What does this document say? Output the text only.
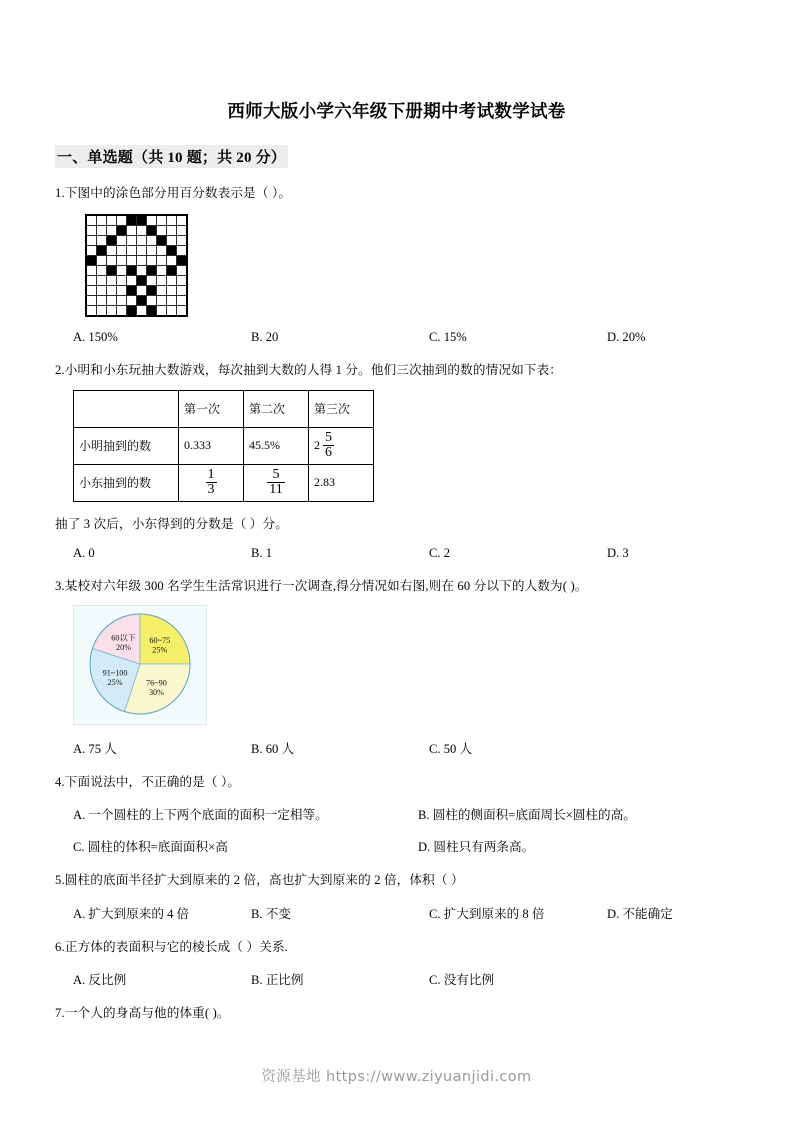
西师大版小学六年级下册期中考试数学试卷
一、单选题（共 10 题；共 20 分）
1.下图中的涂色部分用百分数表示是（ ）。

A. 150%	B. 20	C. 15%	D. 20%
2.小明和小东玩抽大数游戏，每次抽到大数的人得 1 分。他们三次抽到的数的情况如下表：
	第一次	第二次	第三次
小明抽到的数	0.333	45.5%	$2 \frac{5}{6}$

小东抽到的数	$\frac{1}{3}$	$\frac{5}{11}$	2.83
抽了 3 次后，小东得到的分数是（ ）分。
A. 0	B. 1	C. 2	D. 3
3.某校对六年级 300 名学生生活常识进行一次调查,得分情况如右图,则在 60 分以下的人数为( )。
60~75 25%
76~90 30%
91~100 25%
60以下 20%
A. 75 人	B. 60 人	C. 50 人
4.下面说法中，不正确的是（ ）。
A. 一个圆柱的上下两个底面的面积一定相等。	B. 圆柱的侧面积=底面周长×圆柱的高。
C. 圆柱的体积=底面面积×高	D. 圆柱只有两条高。
5.圆柱的底面半径扩大到原来的 2 倍，高也扩大到原来的 2 倍，体积（ ）
A. 扩大到原来的 4 倍	B. 不变	C. 扩大到原来的 8 倍	D. 不能确定
6.正方体的表面积与它的棱长成（ ）关系.
A. 反比例	B. 正比例	C. 没有比例
7.一个人的身高与他的体重( )。
资源基地 https://www.ziyuanjidi.com
